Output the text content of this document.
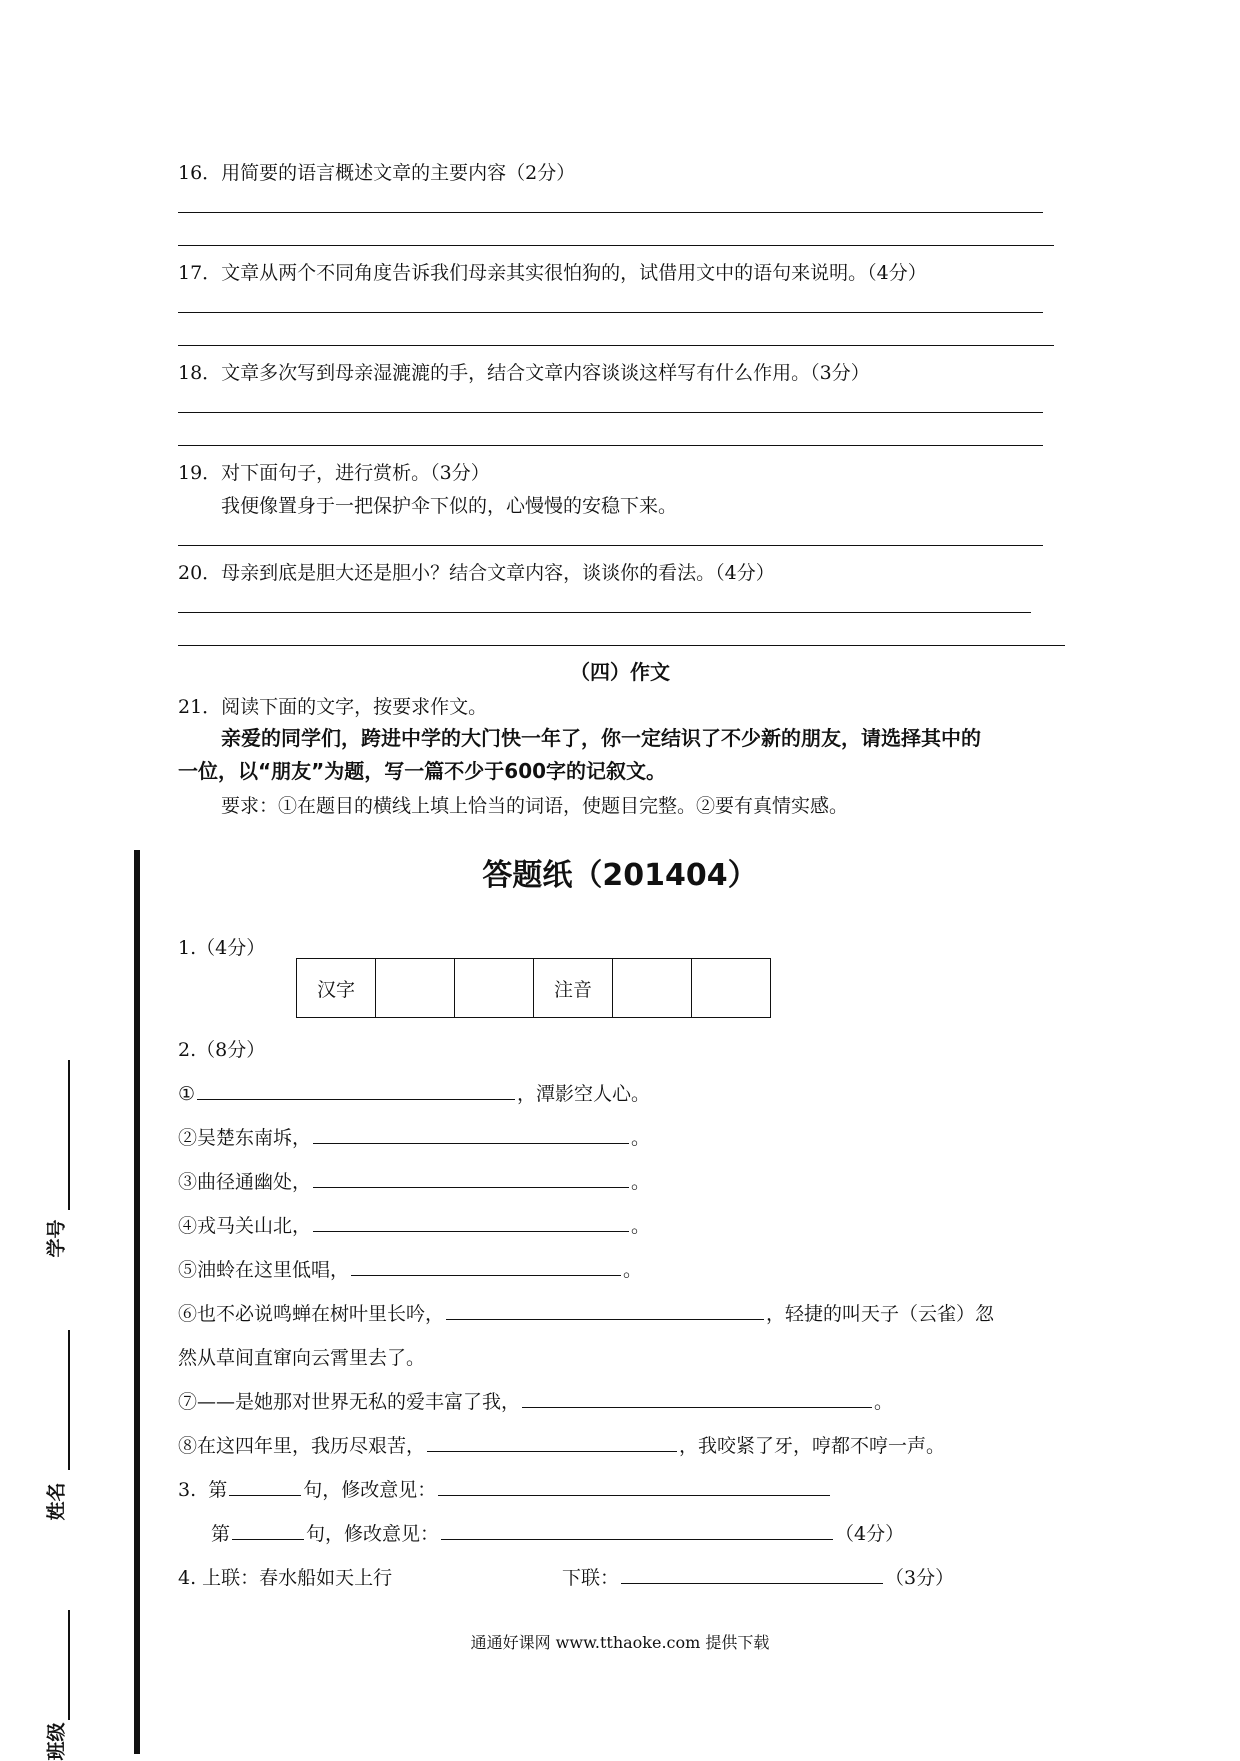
16．用简要的语言概述文章的主要内容（2分）
17．文章从两个不同角度告诉我们母亲其实很怕狗的，试借用文中的语句来说明。（4分）
18．文章多次写到母亲湿漉漉的手，结合文章内容谈谈这样写有什么作用。（3分）
19．对下面句子，进行赏析。（3分）
我便像置身于一把保护伞下似的，心慢慢的安稳下来。
20．母亲到底是胆大还是胆小？结合文章内容，谈谈你的看法。（4分）
（四）作文
21．阅读下面的文字，按要求作文。
亲爱的同学们，跨进中学的大门快一年了，你一定结识了不少新的朋友，请选择其中的
一位，以“朋友”为题，写一篇不少于600字的记叙文。
要求：①在题目的横线上填上恰当的词语，使题目完整。②要有真情实感。
学号
姓名
班级
答题纸（201404）
1.（4分）
汉字			注音		
2.（8分）
①	，潭影空人心。
②吴楚东南坼，	。
③曲径通幽处，	。
④戎马关山北，	。
⑤油蛉在这里低唱，	。
⑥也不必说鸣蝉在树叶里长吟，	，轻捷的叫天子（云雀）忽
然从草间直窜向云霄里去了。
⑦——是她那对世界无私的爱丰富了我，	。
⑧在这四年里，我历尽艰苦，	，我咬紧了牙，哼都不哼一声。
3. 第	句，修改意见：
第	句，修改意见：	（4分）
4. 上联：春水船如天上行	下联：	（3分）
通通好课网 www.tthaoke.com 提供下载
